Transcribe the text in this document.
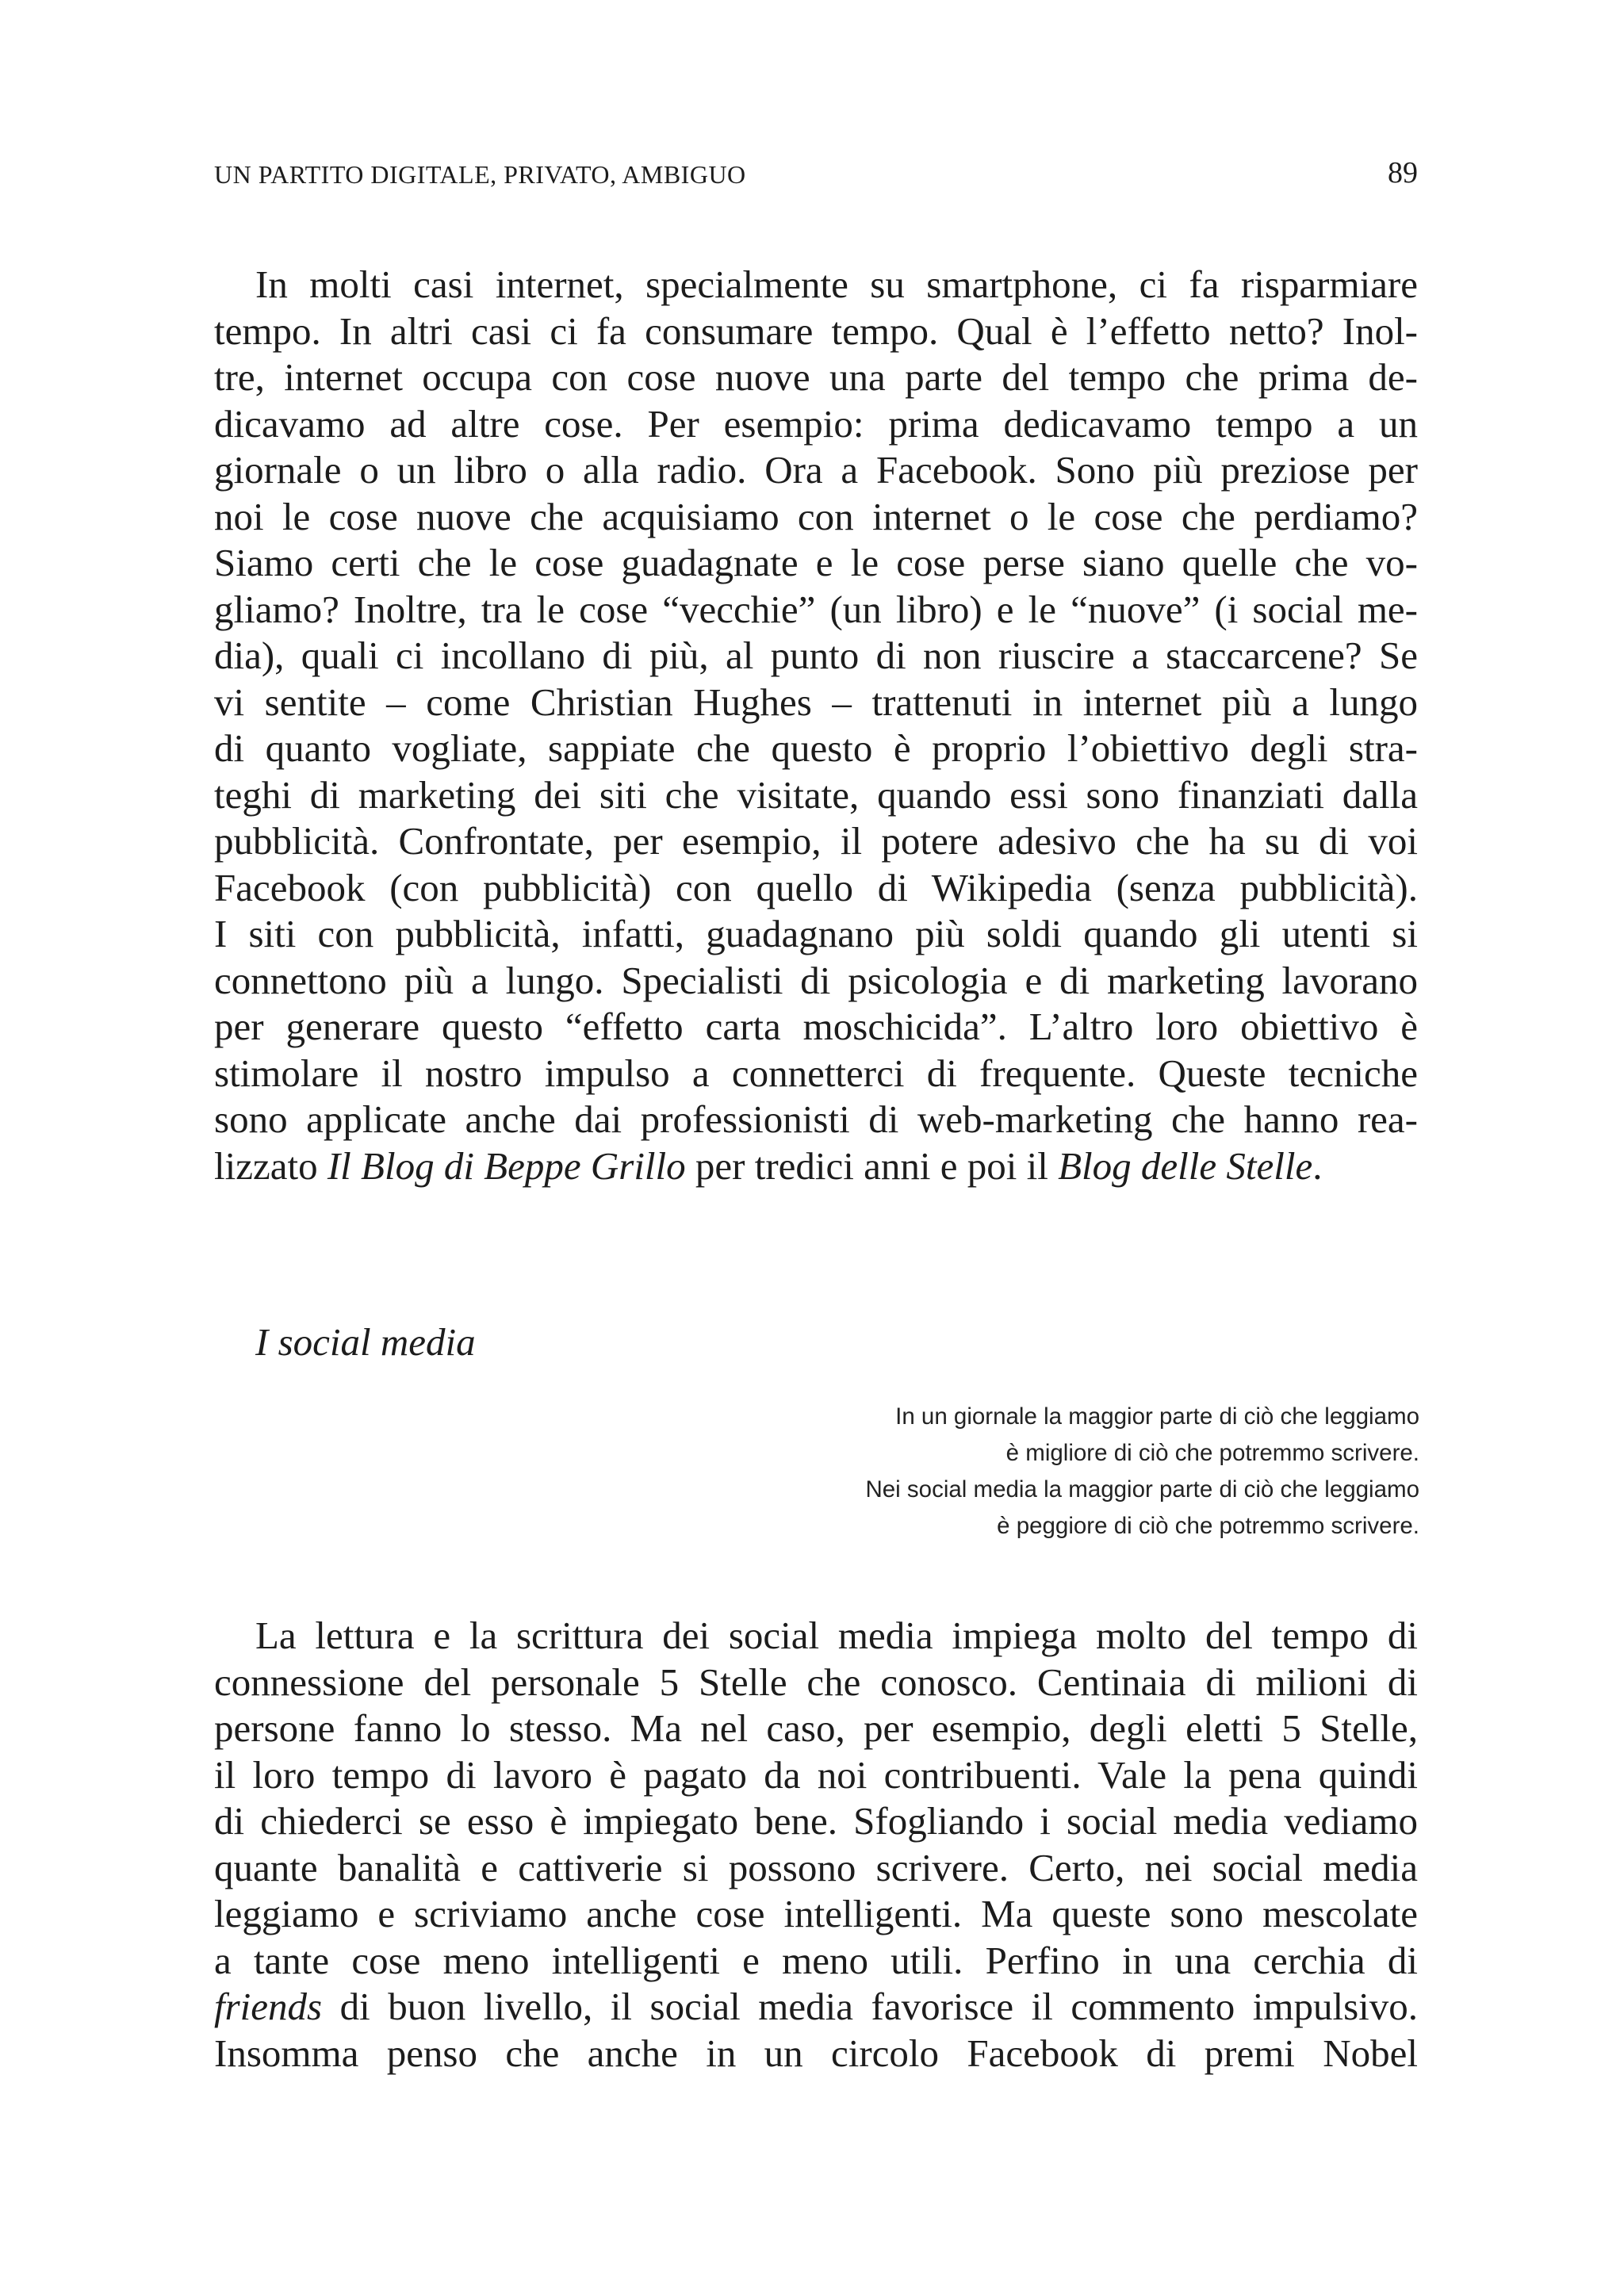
UN PARTITO DIGITALE, PRIVATO, AMBIGUO	89

In molti casi internet, specialmente su smartphone, ci fa risparmiare
tempo. In altri casi ci fa consumare tempo. Qual è l’effetto netto? Inol-
tre, internet occupa con cose nuove una parte del tempo che prima de-
dicavamo ad altre cose. Per esempio: prima dedicavamo tempo a un
giornale o un libro o alla radio. Ora a Facebook. Sono più preziose per
noi le cose nuove che acquisiamo con internet o le cose che perdiamo?
Siamo certi che le cose guadagnate e le cose perse siano quelle che vo-
gliamo? Inoltre, tra le cose “vecchie” (un libro) e le “nuove” (i social me-
dia), quali ci incollano di più, al punto di non riuscire a staccarcene? Se
vi sentite – come Christian Hughes – trattenuti in internet più a lungo
di quanto vogliate, sappiate che questo è proprio l’obiettivo degli stra-
teghi di marketing dei siti che visitate, quando essi sono finanziati dalla
pubblicità. Confrontate, per esempio, il potere adesivo che ha su di voi
Facebook (con pubblicità) con quello di Wikipedia (senza pubblicità).
I siti con pubblicità, infatti, guadagnano più soldi quando gli utenti si
connettono più a lungo. Specialisti di psicologia e di marketing lavorano
per generare questo “effetto carta moschicida”. L’altro loro obiettivo è
stimolare il nostro impulso a connetterci di frequente. Queste tecniche
sono applicate anche dai professionisti di web-marketing che hanno rea-
lizzato Il Blog di Beppe Grillo per tredici anni e poi il Blog delle Stelle.

I social media
In un giornale la maggior parte di ciò che leggiamo
è migliore di ciò che potremmo scrivere.
Nei social media la maggior parte di ciò che leggiamo
è peggiore di ciò che potremmo scrivere.

La lettura e la scrittura dei social media impiega molto del tempo di
connessione del personale 5 Stelle che conosco. Centinaia di milioni di
persone fanno lo stesso. Ma nel caso, per esempio, degli eletti 5 Stelle,
il loro tempo di lavoro è pagato da noi contribuenti. Vale la pena quindi
di chiederci se esso è impiegato bene. Sfogliando i social media vediamo
quante banalità e cattiverie si possono scrivere. Certo, nei social media
leggiamo e scriviamo anche cose intelligenti. Ma queste sono mescolate
a tante cose meno intelligenti e meno utili. Perfino in una cerchia di
friends di buon livello, il social media favorisce il commento impulsivo.
Insomma penso che anche in un circolo Facebook di premi Nobel
